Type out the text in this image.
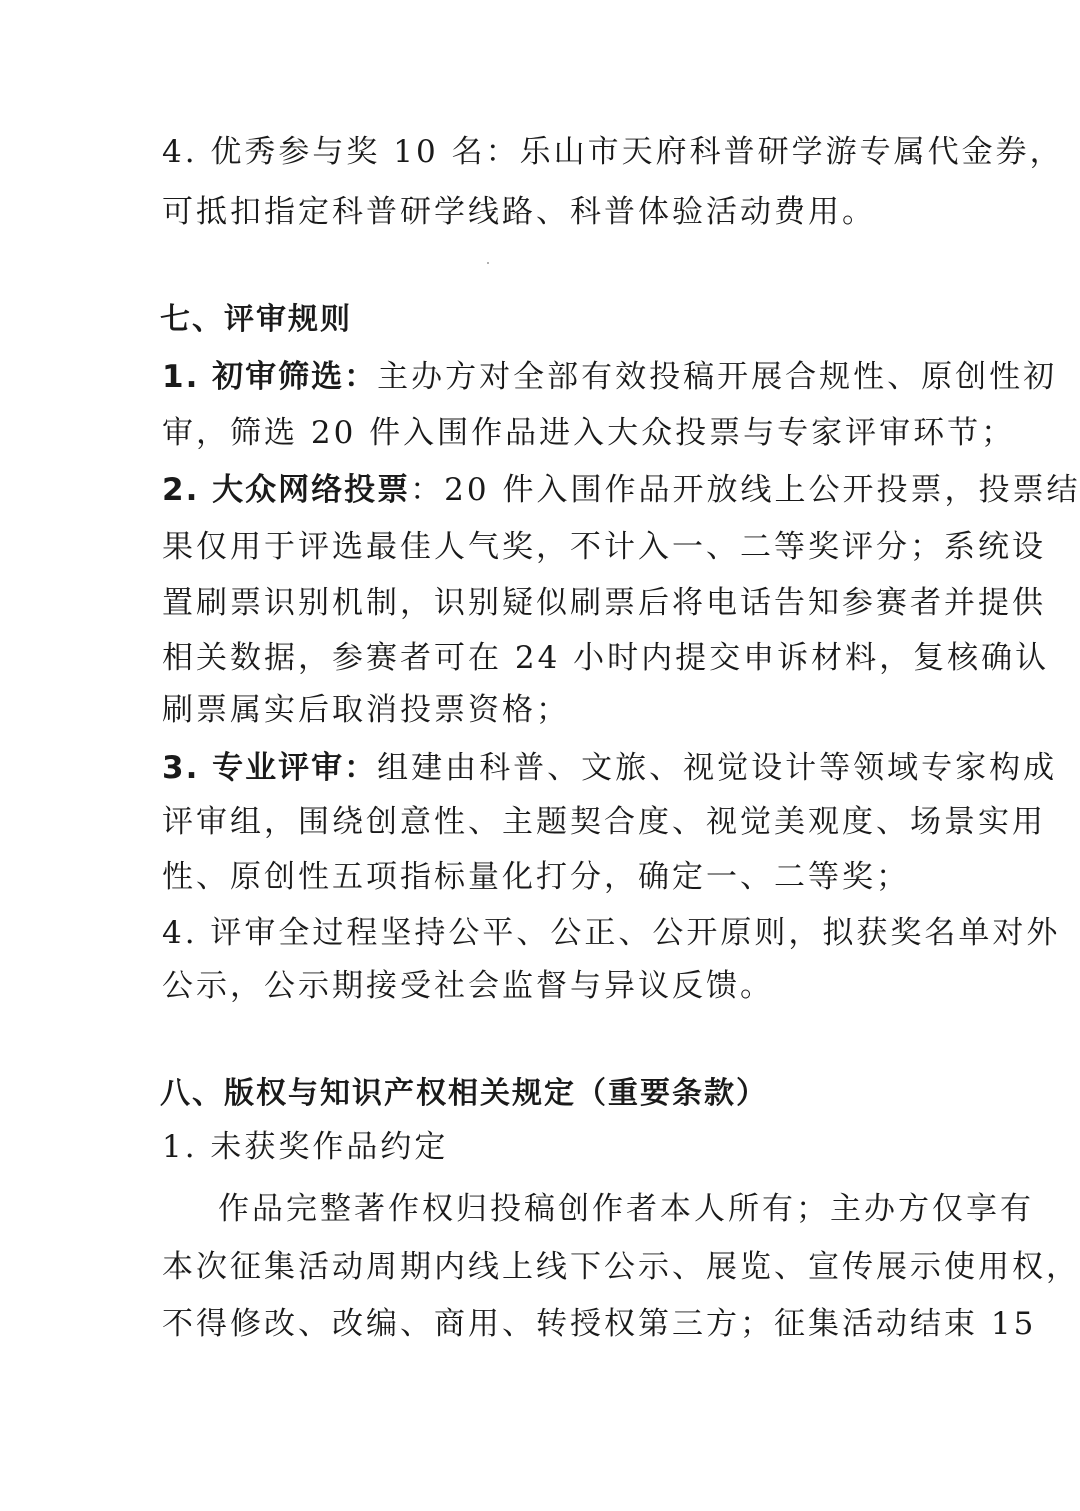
4. 优秀参与奖 10 名：乐山市天府科普研学游专属代金券，
可抵扣指定科普研学线路、科普体验活动费用。
七、评审规则
1. 初审筛选：主办方对全部有效投稿开展合规性、原创性初
审，筛选 20 件入围作品进入大众投票与专家评审环节；
2. 大众网络投票：20 件入围作品开放线上公开投票，投票结
果仅用于评选最佳人气奖，不计入一、二等奖评分；系统设
置刷票识别机制，识别疑似刷票后将电话告知参赛者并提供
相关数据，参赛者可在 24 小时内提交申诉材料，复核确认
刷票属实后取消投票资格；
3. 专业评审：组建由科普、文旅、视觉设计等领域专家构成
评审组，围绕创意性、主题契合度、视觉美观度、场景实用
性、原创性五项指标量化打分，确定一、二等奖；
4. 评审全过程坚持公平、公正、公开原则，拟获奖名单对外
公示，公示期接受社会监督与异议反馈。
八、版权与知识产权相关规定（重要条款）
1. 未获奖作品约定
作品完整著作权归投稿创作者本人所有；主办方仅享有
本次征集活动周期内线上线下公示、展览、宣传展示使用权，
不得修改、改编、商用、转授权第三方；征集活动结束 15
